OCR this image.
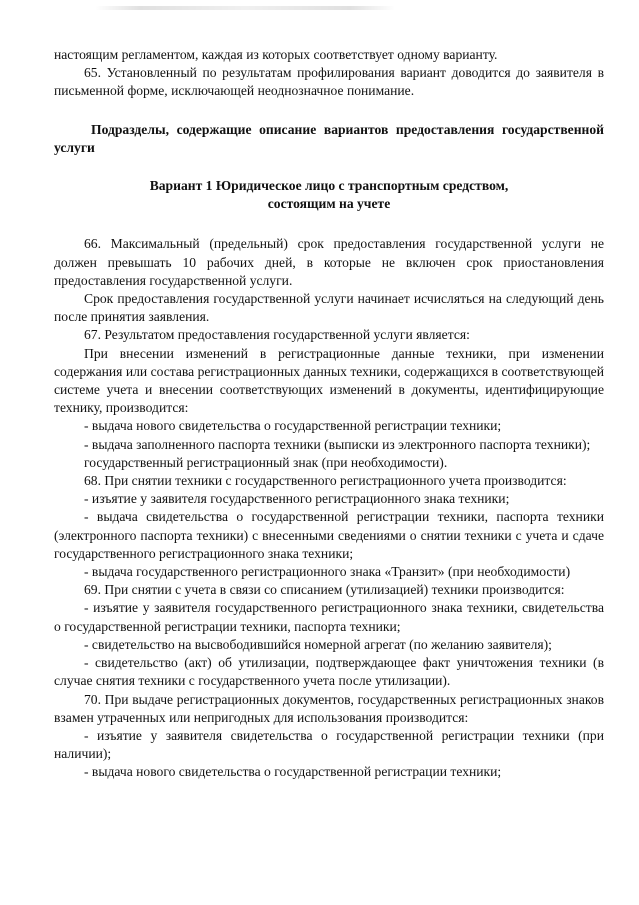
настоящим регламентом, каждая из которых соответствует одному варианту.

65. Установленный по результатам профилирования вариант доводится до заявителя в письменной форме, исключающей неоднозначное понимание.

Подразделы, содержащие описание вариантов предоставления государственной услуги

Вариант 1 Юридическое лицо с транспортным средством,
состоящим на учете

66. Максимальный (предельный) срок предоставления государственной услуги не должен превышать 10 рабочих дней, в которые не включен срок приостановления предоставления государственной услуги.

Срок предоставления государственной услуги начинает исчисляться на следующий день после принятия заявления.

67. Результатом предоставления государственной услуги является:

При внесении изменений в регистрационные данные техники, при изменении содержания или состава регистрационных данных техники, содержащихся в соответствующей системе учета и внесении соответствующих изменений в документы, идентифицирующие технику, производится:

- выдача нового свидетельства о государственной регистрации техники;

- выдача заполненного паспорта техники (выписки из электронного паспорта техники);

государственный регистрационный знак (при необходимости).

68. При снятии техники с государственного регистрационного учета производится:

- изъятие у заявителя государственного регистрационного знака техники;

- выдача свидетельства о государственной регистрации техники, паспорта техники (электронного паспорта техники) с внесенными сведениями о снятии техники с учета и сдаче государственного регистрационного знака техники;

- выдача государственного регистрационного знака «Транзит» (при необходимости)

69. При снятии с учета в связи со списанием (утилизацией) техники производится:

- изъятие у заявителя государственного регистрационного знака техники, свидетельства о государственной регистрации техники, паспорта техники;

- свидетельство на высвободившийся номерной агрегат (по желанию заявителя);

- свидетельство (акт) об утилизации, подтверждающее факт уничтожения техники (в случае снятия техники с государственного учета после утилизации).

70. При выдаче регистрационных документов, государственных регистрационных знаков взамен утраченных или непригодных для использования производится:

- изъятие у заявителя свидетельства о государственной регистрации техники (при наличии);

- выдача нового свидетельства о государственной регистрации техники;
